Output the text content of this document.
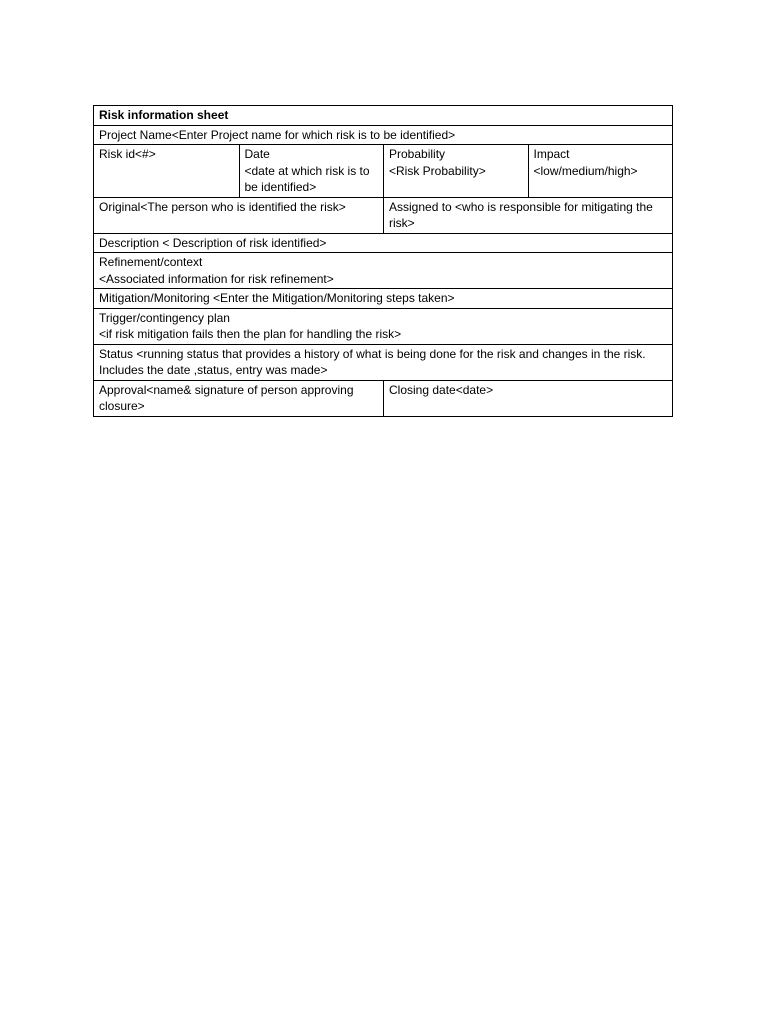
Risk information sheet
Project Name<Enter Project name for which risk is to be identified>
Risk id<#>	Date
<date at which risk is to be identified>
Probability
<Risk Probability>
Impact
<low/medium/high>
Original<The person who is identified the risk>	Assigned to <who is responsible for mitigating the risk>
Description < Description of risk identified>
Refinement/context
<Associated information for risk refinement>
Mitigation/Monitoring <Enter the Mitigation/Monitoring steps taken>
Trigger/contingency plan
<if risk mitigation fails then the plan for handling the risk>
Status <running status that provides a history of what is being done for the risk and changes in the risk. Includes the date ,status, entry was made>
Approval<name& signature of person approving closure>
Closing date<date>
